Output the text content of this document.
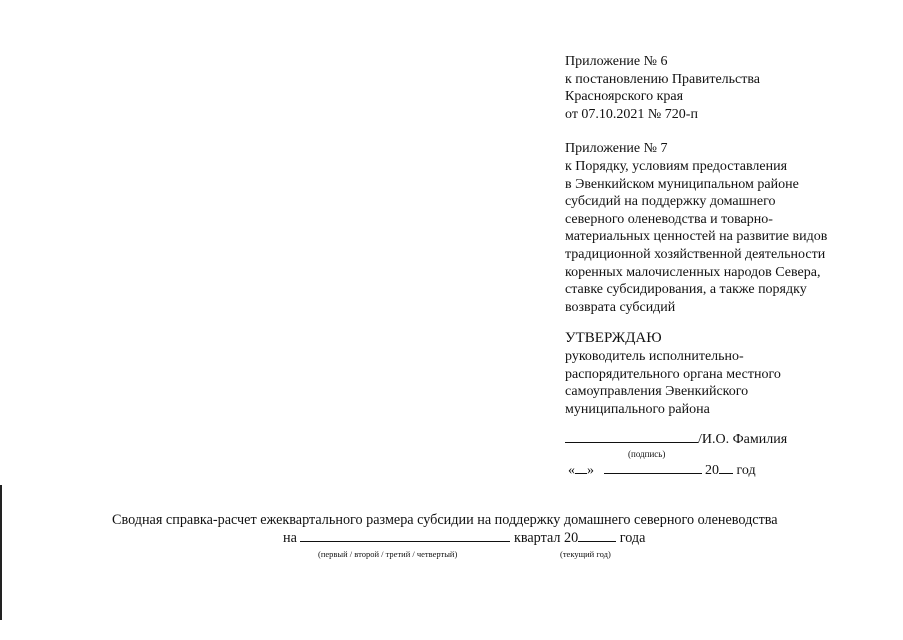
Приложение № 6
к постановлению Правительства
Красноярского края
от 07.10.2021 № 720-п
Приложение № 7
к Порядку, условиям предоставления
в Эвенкийском муниципальном районе
субсидий на поддержку домашнего
северного оленеводства и товарно-
материальных ценностей на развитие видов
традиционной хозяйственной деятельности
коренных малочисленных народов Севера,
ставке субсидирования, а также порядку
возврата субсидий
УТВЕРЖДАЮ
руководитель исполнительно-
распорядительного органа местного
самоуправления Эвенкийского
муниципального района
/И.О. Фамилия
(подпись)
« »	20 год
Сводная справка-расчет ежеквартального размера субсидии на поддержку домашнего северного оленеводства
на	квартал 20	года
(первый / второй / третий / четвертый)	(текущий год)
